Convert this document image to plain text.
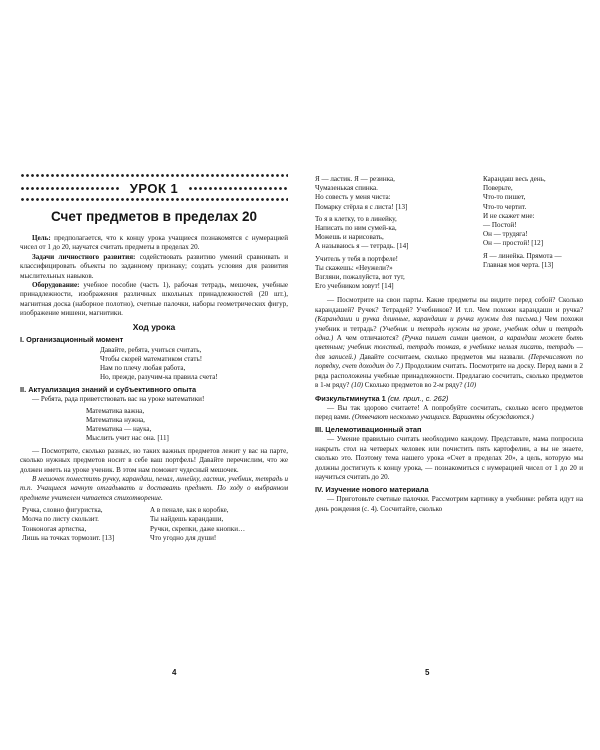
УРОК 1
Счет предметов в пределах 20

Цель: предполагается, что к концу урока учащиеся познакомятся с нумерацией чисел от 1 до 20, научатся считать предметы в пределах 20.

Задачи личностного развития: содействовать развитию умений сравнивать и классифицировать объекты по заданному признаку; создать условия для развития мыслительных навыков.

Оборудование: учебное пособие (часть 1), рабочая тетрадь, мешочек, учебные принадлежности, изображения различных школьных принадлежностей (20 шт.), магнитная доска (наборное полотно), счетные палочки, наборы геометрических фигур, изображение мишени, магнитики.

Ход урока
I. Организационный момент
Давайте, ребята, учиться считать,
Чтобы скорей математиком стать!
Нам по плечу любая работа,
Но, прежде, разучим-ка правила счета!
II. Актуализация знаний и субъективного опыта

— Ребята, рада приветствовать вас на уроке математики!

Математика важна,
Математика нужна,
Математика — наука,
Мыслить учит нас она. [11]

— Посмотрите, сколько разных, но таких важных предметов лежит у вас на парте, сколько нужных предметов носит в себе ваш портфель! Давайте перечислим, что же должен иметь на уроке ученик. В этом нам поможет чудесный мешочек.

В мешочек поместить ручку, карандаш, пенал, линейку, ластик, учебник, тетрадь и т.п. Учащиеся начнут отгадывать и доставать предмет. По ходу о выбранном предмете учителем читается стихотворение.

Ручка, словно фигуристка,
Молча по листу скользит.
Тонконогая артистка,
Лишь на точках тормозит. [13]
А в пенале, как в коробке,
Ты найдешь карандаши,
Ручки, скрепки, даже кнопки…
Что угодно для души!
4
Я — ластик. Я — резинка,
Чумазенькая спинка.
Но совесть у меня чиста:
Помарку стёрла я с листа! [13]
То я в клетку, то в линейку,
Написать по ним сумей-ка,
Можешь и нарисовать,
А называюсь я — тетрадь. [14]
Учитель у тебя в портфеле!
Ты скажешь: «Неужели?»
Взгляни, пожалуйста, вот тут,
Его учебником зовут! [14]
Карандаш весь день,
Поверьте,
Что-то пишет,
Что-то чертит.
И не скажет мне:
— Постой!
Он — трудяга!
Он — простой! [12]
Я — линейка. Прямота —
Главная моя черта. [13]

— Посмотрите на свои парты. Какие предметы вы видите перед собой? Сколько карандашей? Ручек? Тетрадей? Учебников? И т.п. Чем похожи карандаши и ручка? (Карандаши и ручка длинные, карандаши и ручка нужны для письма.) Чем похожи учебник и тетрадь? (Учебник и тетрадь нужны на уроке, учебник один и тетрадь одна.) А чем отличаются? (Ручка пишет синим цветом, а карандаш может быть цветным; учебник толстый, тетрадь тонкая, в учебнике нельзя писать, тетрадь — для записей.) Давайте сосчитаем, сколько предметов мы назвали. (Перечисляют по порядку, счет доходит до 7.) Продолжим считать. Посмотрите на доску. Перед вами в 2 ряда расположены учебные принадлежности. Предлагаю сосчитать, сколько предметов в 1-м ряду? (10) Сколько предметов во 2-м ряду? (10)

Физкультминутка 1 (см. прил., с. 262)

— Вы так здорово считаете! А попробуйте сосчитать, сколько всего предметов перед вами. (Отвечают несколько учащихся. Варианты обсуждаются.)

III. Целемотивационный этап

— Умение правильно считать необходимо каждому. Представьте, мама попросила накрыть стол на четверых человек или почистить пять картофелин, а вы не знаете, сколько это. Поэтому тема нашего урока «Счет в пределах 20», а цель, которую мы должны достигнуть к концу урока, — познакомиться с нумерацией чисел от 1 до 20 и научиться считать до 20.

IV. Изучение нового материала

— Приготовьте счетные палочки. Рассмотрим картинку в учебнике: ребята идут на день рождения (с. 4). Сосчитайте, сколько

5
